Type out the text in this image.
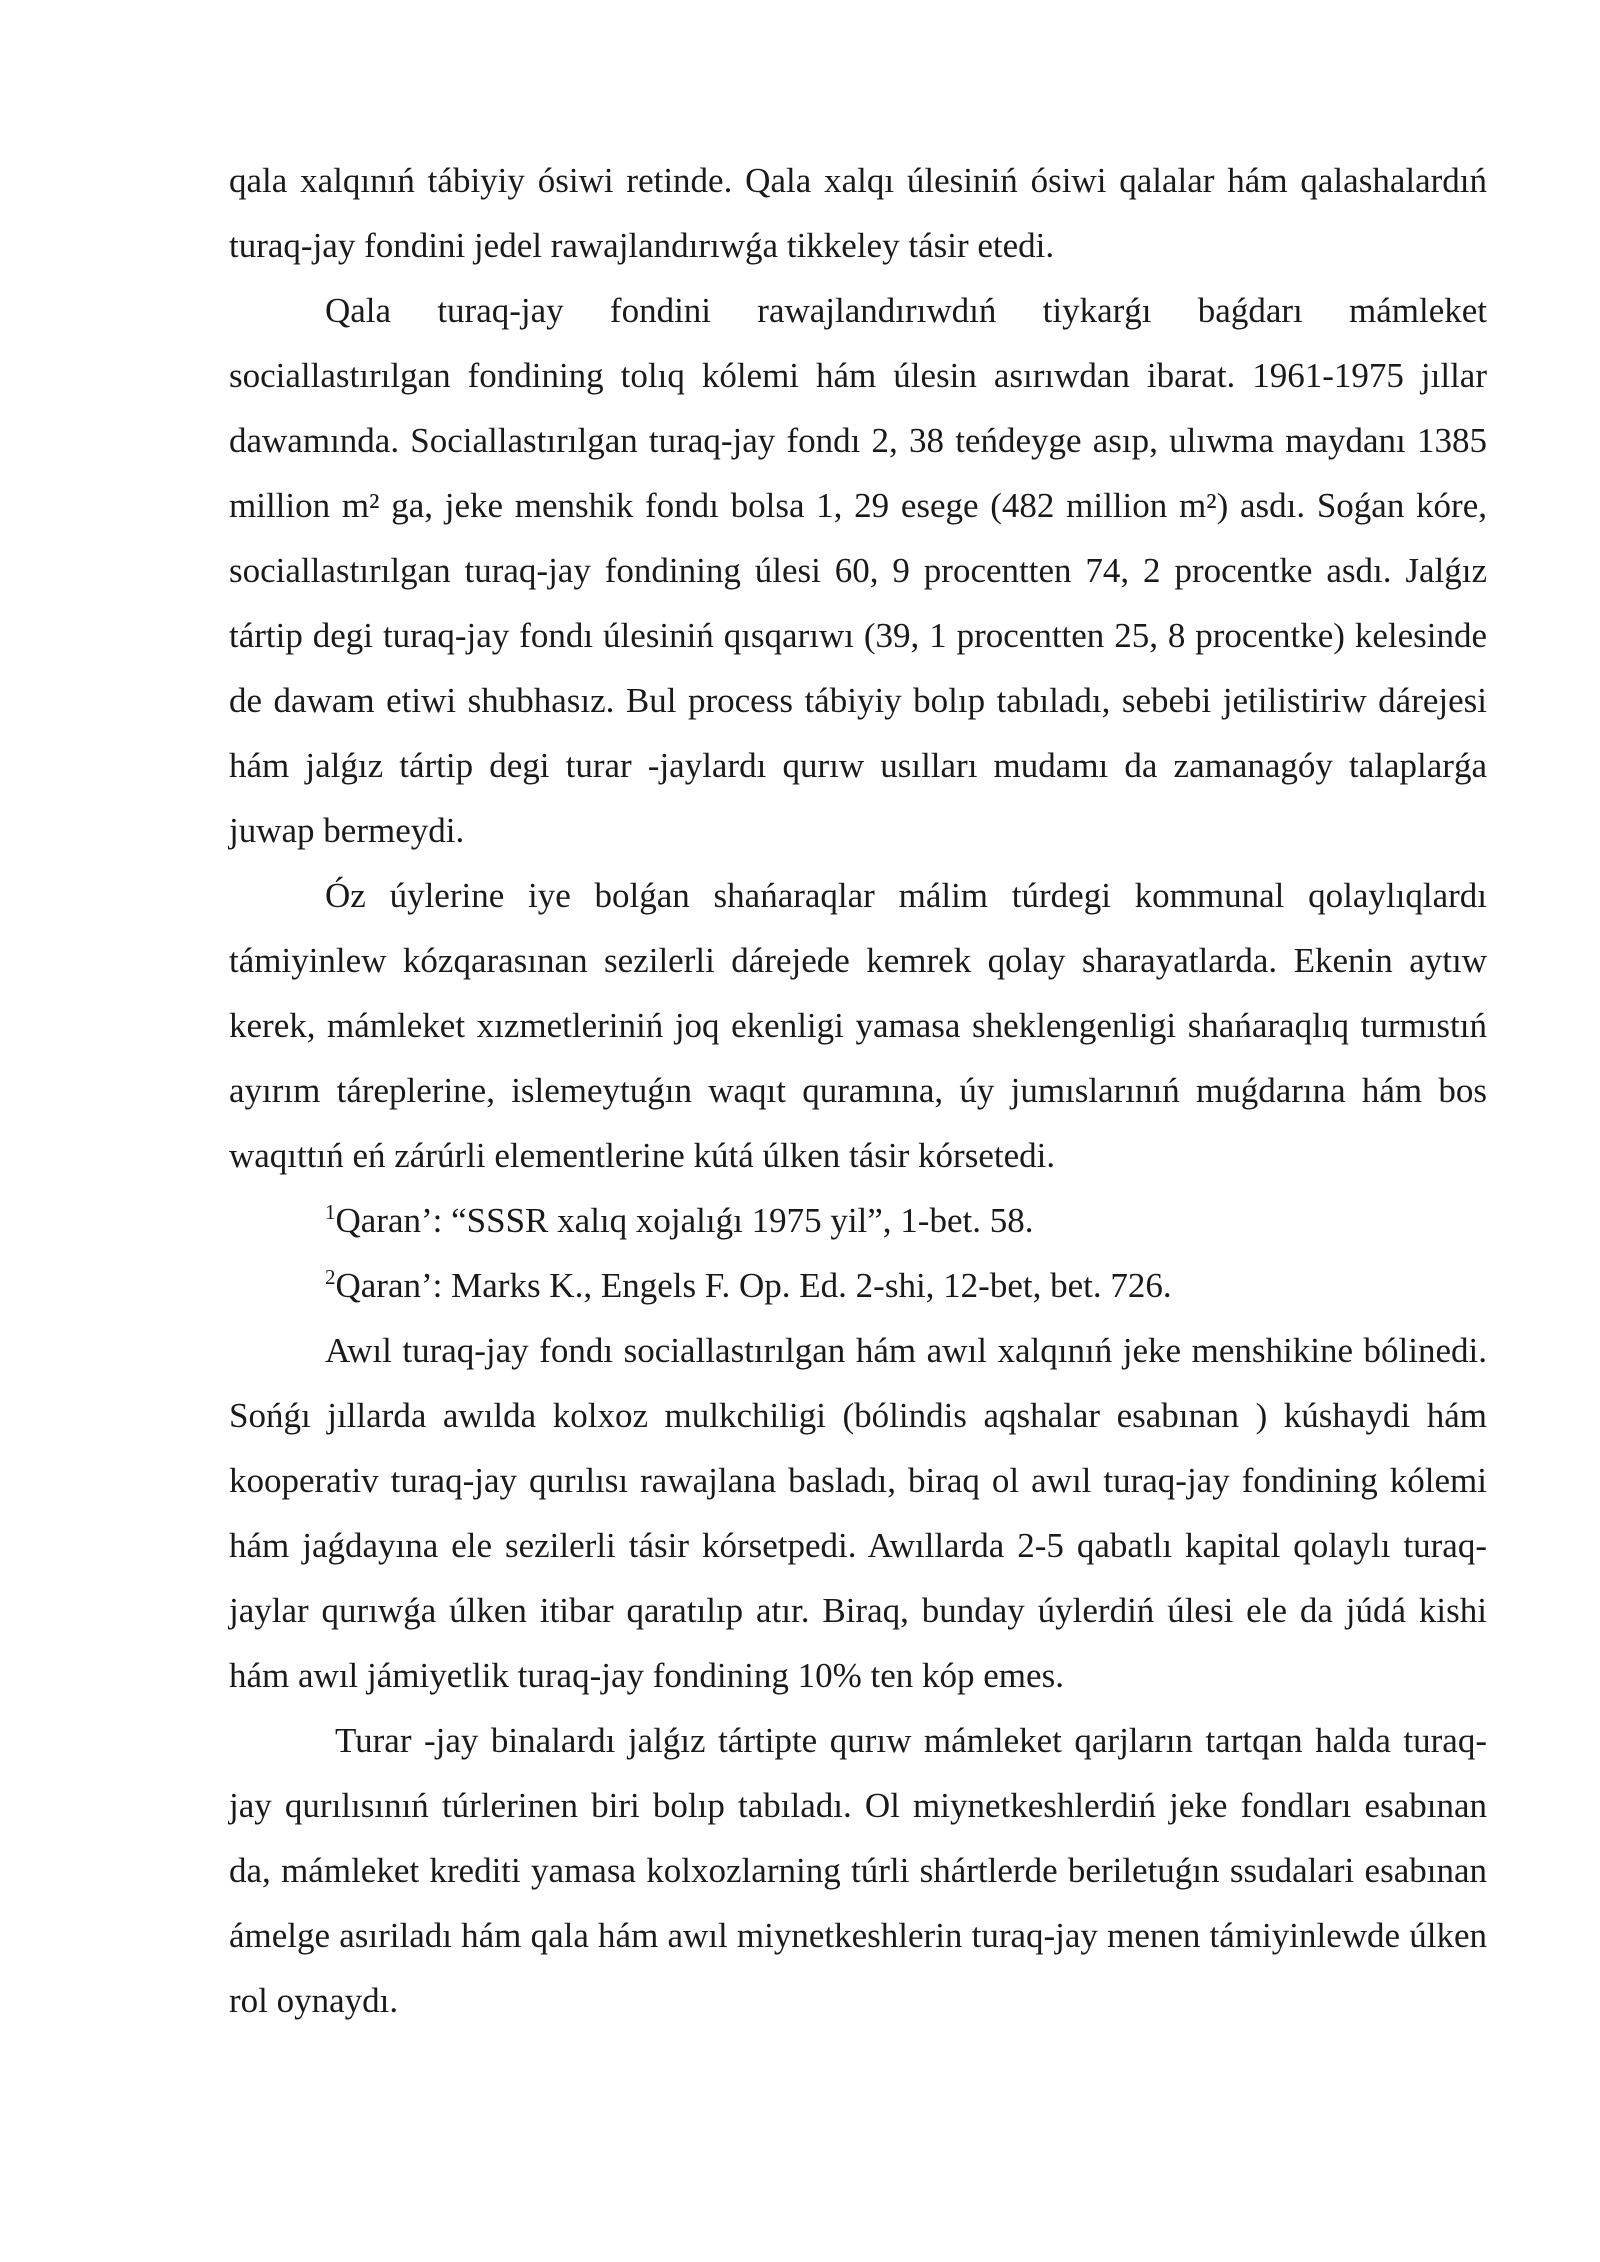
qala xalqınıń tábiyiy ósiwi retinde. Qala xalqı úlesiniń ósiwi qalalar hám qalashalardıń turaq-jay fondini jedel rawajlandırıwǵa tikkeley tásir etedi.

Qala turaq-jay fondini rawajlandırıwdıń tiykarǵı baǵdarı mámleket sociallastırılgan fondining tolıq kólemi hám úlesin asırıwdan ibarat. 1961-1975 jıllar dawamında. Sociallastırılgan turaq-jay fondı 2, 38 teńdeyge asıp, ulıwma maydanı 1385 million m² ga, jeke menshik fondı bolsa 1, 29 esege (482 million m²) asdı. Soǵan kóre, sociallastırılgan turaq-jay fondining úlesi 60, 9 procentten 74, 2 procentke asdı. Jalǵız tártip degi turaq-jay fondı úlesiniń qısqarıwı (39, 1 procentten 25, 8 procentke) kelesinde de dawam etiwi shubhasız. Bul process tábiyiy bolıp tabıladı, sebebi jetilistiriw dárejesi hám jalǵız tártip degi turar -jaylardı qurıw usılları mudamı da zamanagóy talaplarǵa juwap bermeydi.

Óz úylerine iye bolǵan shańaraqlar málim túrdegi kommunal qolaylıqlardı támiyinlew kózqarasınan sezilerli dárejede kemrek qolay sharayatlarda. Ekenin aytıw kerek, mámleket xızmetleriniń joq ekenligi yamasa sheklengenligi shańaraqlıq turmıstıń ayırım táreplerine, islemeytuǵın waqıt quramına, úy jumıslarınıń muǵdarına hám bos waqıttıń eń zárúrli elementlerine kútá úlken tásir kórsetedi.

$^1$Qaran’: “SSSR xalıq xojalıǵı 1975 yil”, 1-bet. 58.

$^2$Qaran’: Marks K., Engels F. Op. Ed. 2-shi, 12-bet, bet. 726.

Awıl turaq-jay fondı sociallastırılgan hám awıl xalqınıń jeke menshikine bólinedi. Sońǵı jıllarda awılda kolxoz mulkchiligi (bólindis aqshalar esabınan ) kúshaydi hám kooperativ turaq-jay qurılısı rawajlana basladı, biraq ol awıl turaq-jay fondining kólemi hám jaǵdayına ele sezilerli tásir kórsetpedi. Awıllarda 2-5 qabatlı kapital qolaylı turaq-jaylar qurıwǵa úlken itibar qaratılıp atır. Biraq, bunday úylerdiń úlesi ele da júdá kishi hám awıl jámiyetlik turaq-jay fondining 10% ten kóp emes.

Turar -jay binalardı jalǵız tártipte qurıw mámleket qarjların tartqan halda turaq-jay qurılısınıń túrlerinen biri bolıp tabıladı. Ol miynetkeshlerdiń jeke fondları esabınan da, mámleket krediti yamasa kolxozlarning túrli shártlerde beriletuǵın ssudalari esabınan ámelge asıriladı hám qala hám awıl miynetkeshlerin turaq-jay menen támiyinlewde úlken rol oynaydı.
